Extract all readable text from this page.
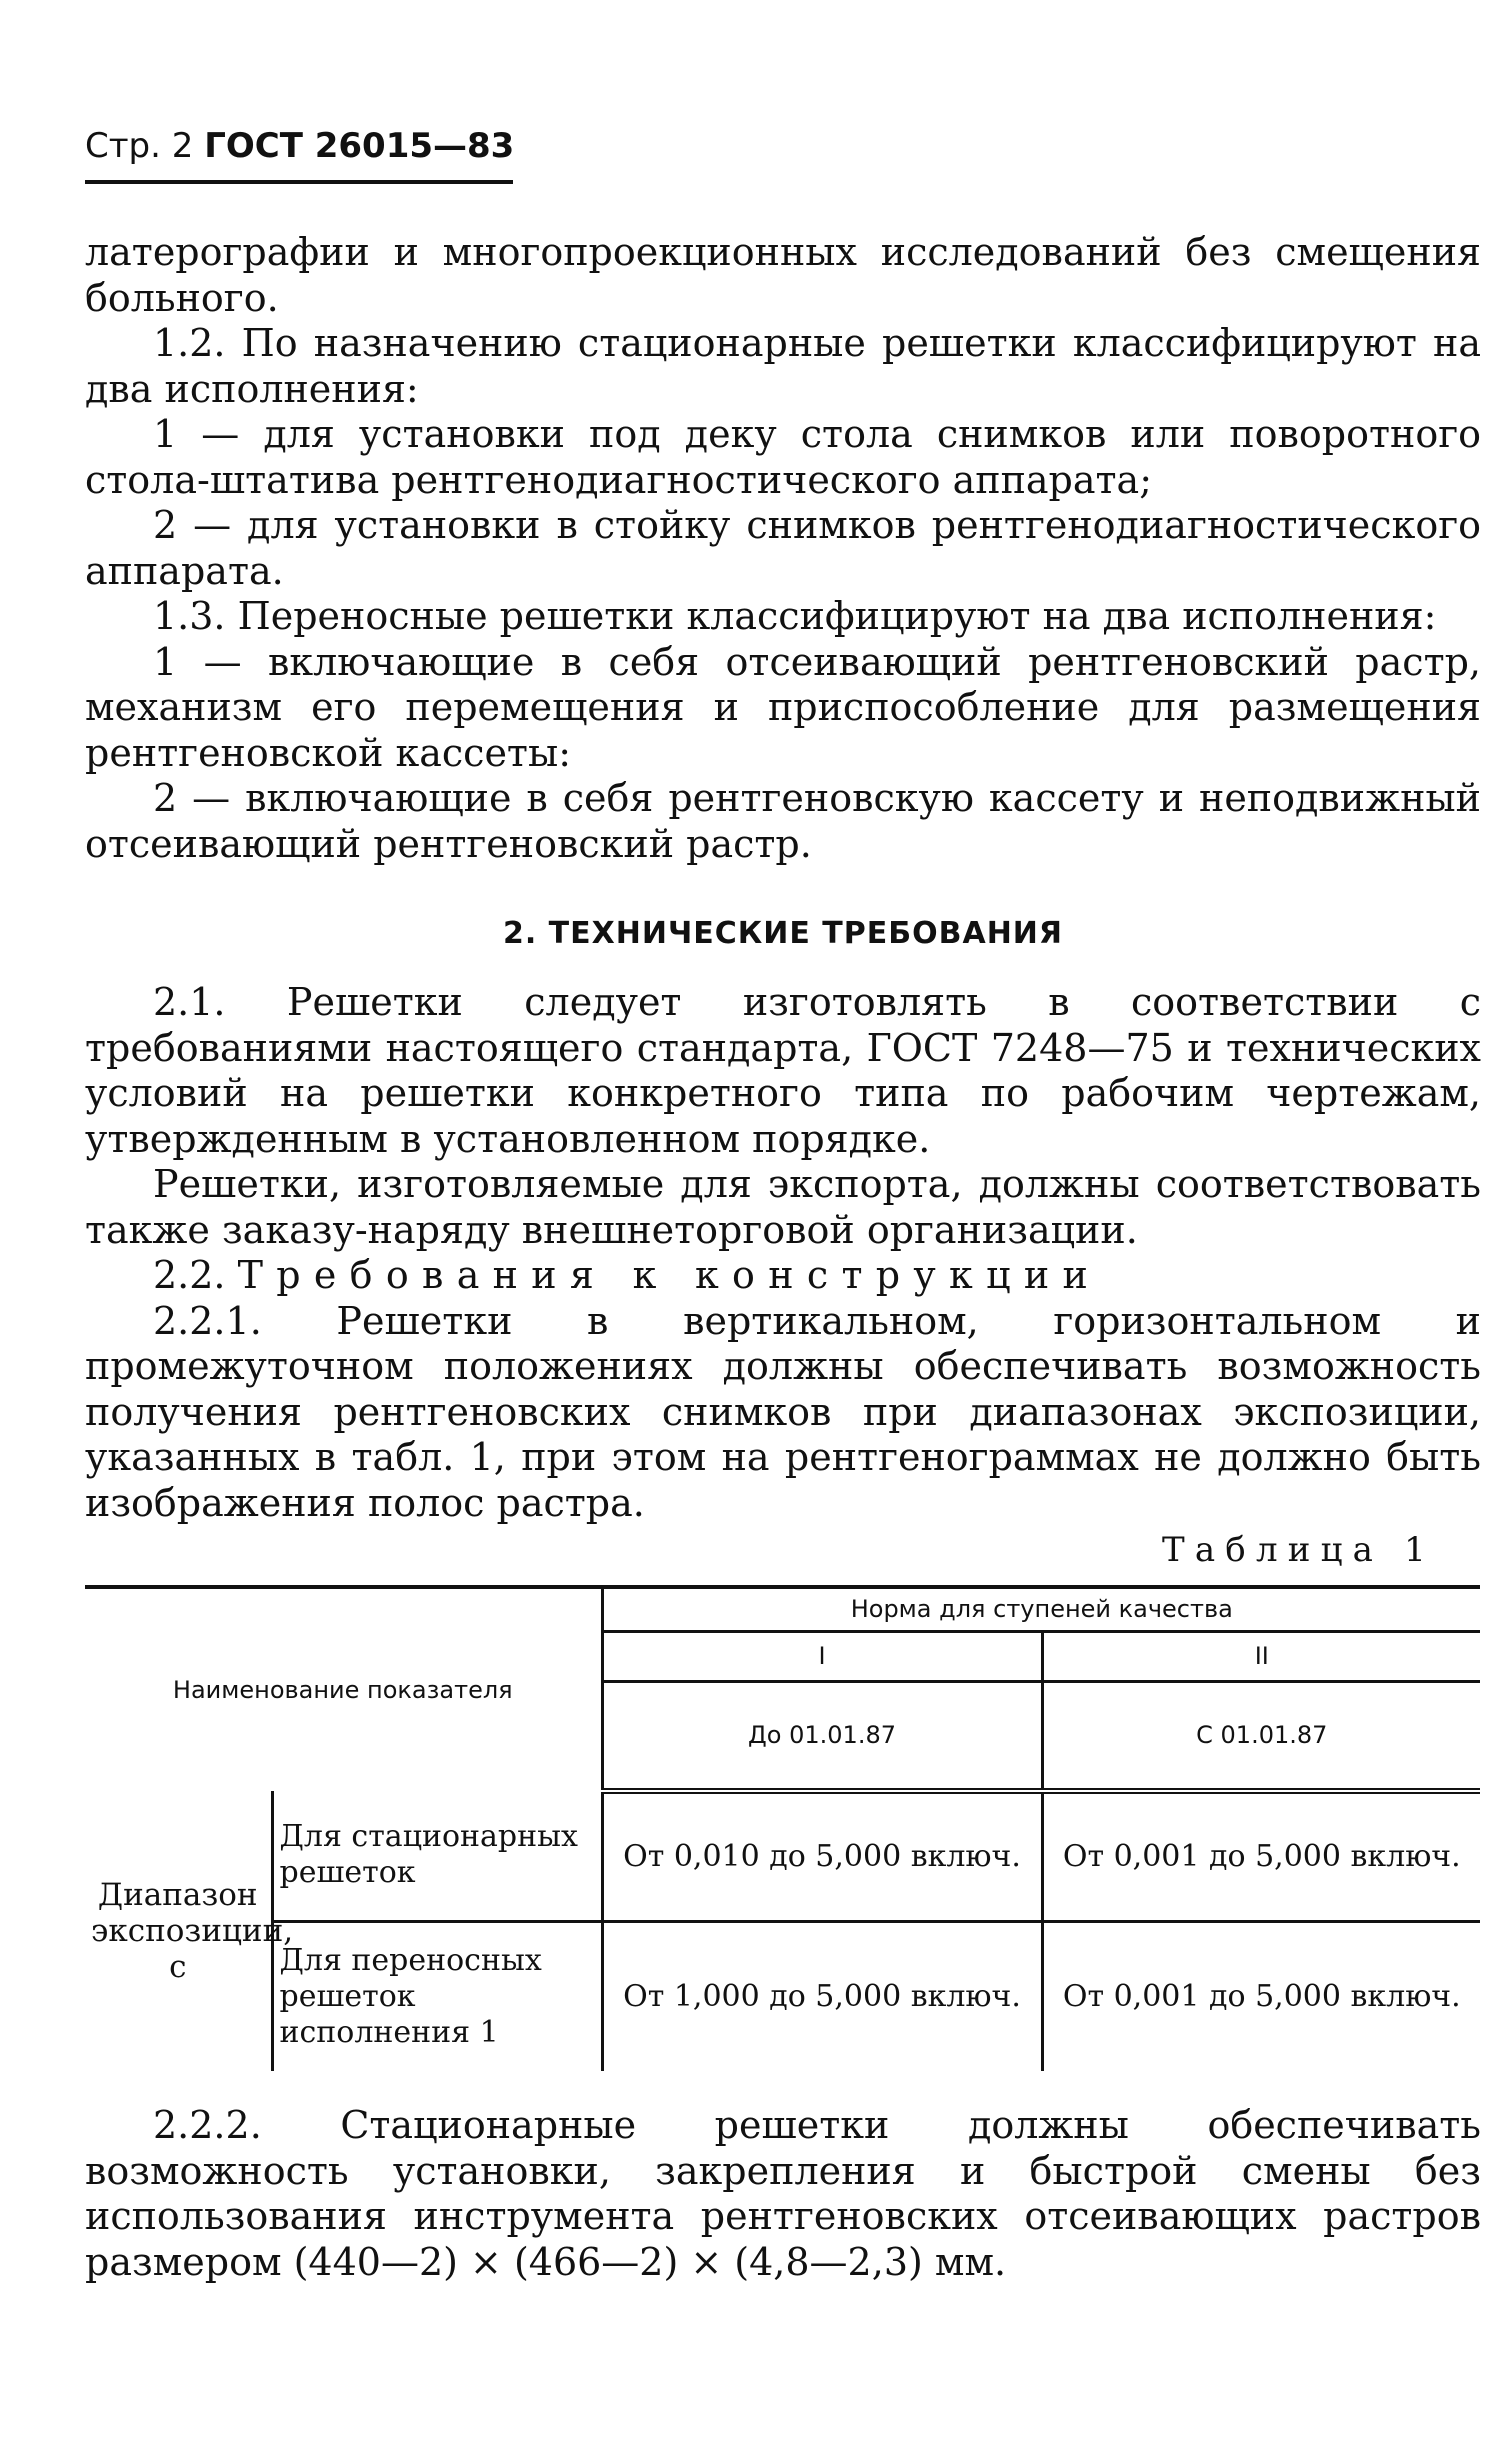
Стр. 2 ГОСТ 26015—83

латерографии и многопроекционных исследований без смещения больного.

1.2. По назначению стационарные решетки классифицируют на два исполнения:

1 — для установки под деку стола снимков или поворотного стола-штатива рентгенодиагностического аппарата;

2 — для установки в стойку снимков рентгенодиагностического аппарата.

1.3. Переносные решетки классифицируют на два исполнения:

1 — включающие в себя отсеивающий рентгеновский растр, механизм его перемещения и приспособление для размещения рентгеновской кассеты:

2 — включающие в себя рентгеновскую кассету и неподвижный отсеивающий рентгеновский растр.

2. ТЕХНИЧЕСКИЕ ТРЕБОВАНИЯ

2.1. Решетки следует изготовлять в соответствии с требованиями настоящего стандарта, ГОСТ 7248—75 и технических условий на решетки конкретного типа по рабочим чертежам, утвержденным в установленном порядке.

Решетки, изготовляемые для экспорта, должны соответствовать также заказу-наряду внешнеторговой организации.

2.2. Требования к конструкции

2.2.1. Решетки в вертикальном, горизонтальном и промежуточном положениях должны обеспечивать возможность получения рентгеновских снимков при диапазонах экспозиции, указанных в табл. 1, при этом на рентгенограммах не должно быть изображения полос растра.

Таблица 1
Наименование показателя		Норма для ступеней качества	
		I	II
		До 01.01.87	С 01.01.87
Диапазон экспозиции, с	Для стационарных решеток	От 0,010 до 5,000 включ.	От 0,001 до 5,000 включ.
	Для переносных решеток исполнения 1	От 1,000 до 5,000 включ.	От 0,001 до 5,000 включ.

2.2.2. Стационарные решетки должны обеспечивать возможность установки, закрепления и быстрой смены без использования инструмента рентгеновских отсеивающих растров размером (440—2) × (466—2) × (4,8—2,3) мм.
